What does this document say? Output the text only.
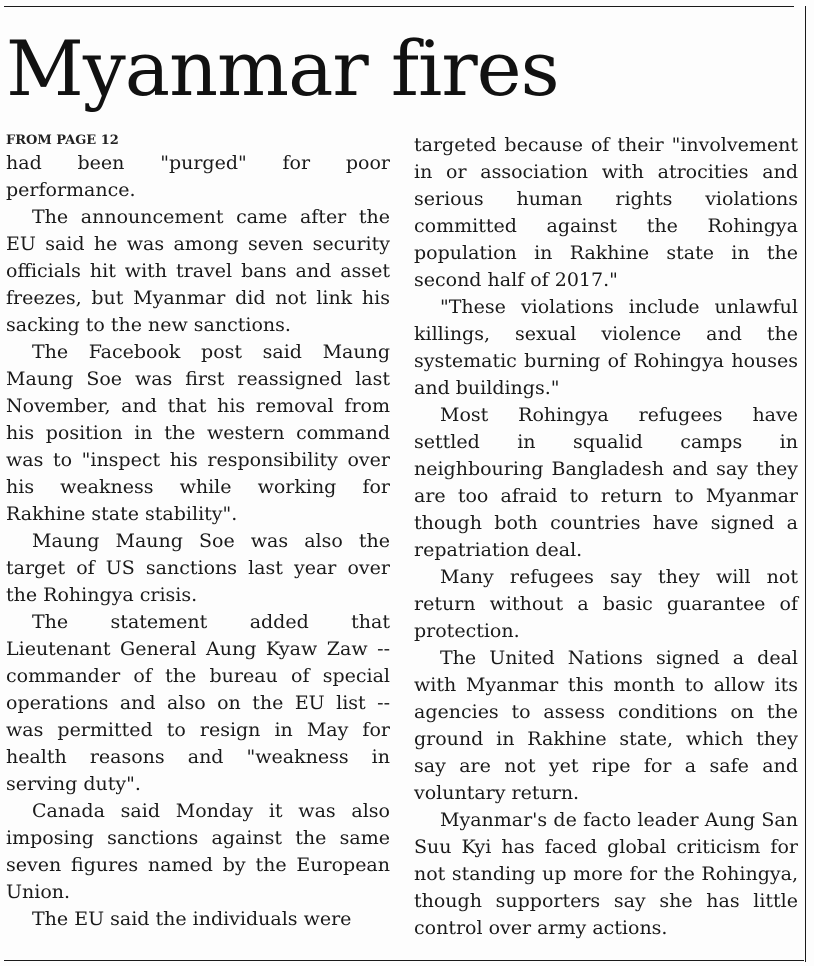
Myanmar fires
FROM PAGE 12

had been "purged" for poor performance.

The announcement came after the EU said he was among seven security officials hit with travel bans and asset freezes, but Myanmar did not link his sacking to the new sanctions.

The Facebook post said Maung Maung Soe was first reassigned last November, and that his removal from his position in the western command was to "inspect his responsibility over his weakness while working for Rakhine state stability".

Maung Maung Soe was also the target of US sanctions last year over the Rohingya crisis.

The statement added that Lieutenant General Aung Kyaw Zaw -- commander of the bureau of special operations and also on the EU list -- was permitted to resign in May for health reasons and "weakness in serving duty".

Canada said Monday it was also imposing sanctions against the same seven figures named by the European Union.

The EU said the individuals were

targeted because of their "involvement in or association with atrocities and serious human rights violations committed against the Rohingya population in Rakhine state in the second half of 2017."

"These violations include unlawful killings, sexual violence and the systematic burning of Rohingya houses and buildings."

Most Rohingya refugees have settled in squalid camps in neighbouring Bangladesh and say they are too afraid to return to Myanmar though both countries have signed a repatriation deal.

Many refugees say they will not return without a basic guarantee of protection.

The United Nations signed a deal with Myanmar this month to allow its agencies to assess conditions on the ground in Rakhine state, which they say are not yet ripe for a safe and voluntary return.

Myanmar's de facto leader Aung San Suu Kyi has faced global criticism for not standing up more for the Rohingya, though supporters say she has little control over army actions.
